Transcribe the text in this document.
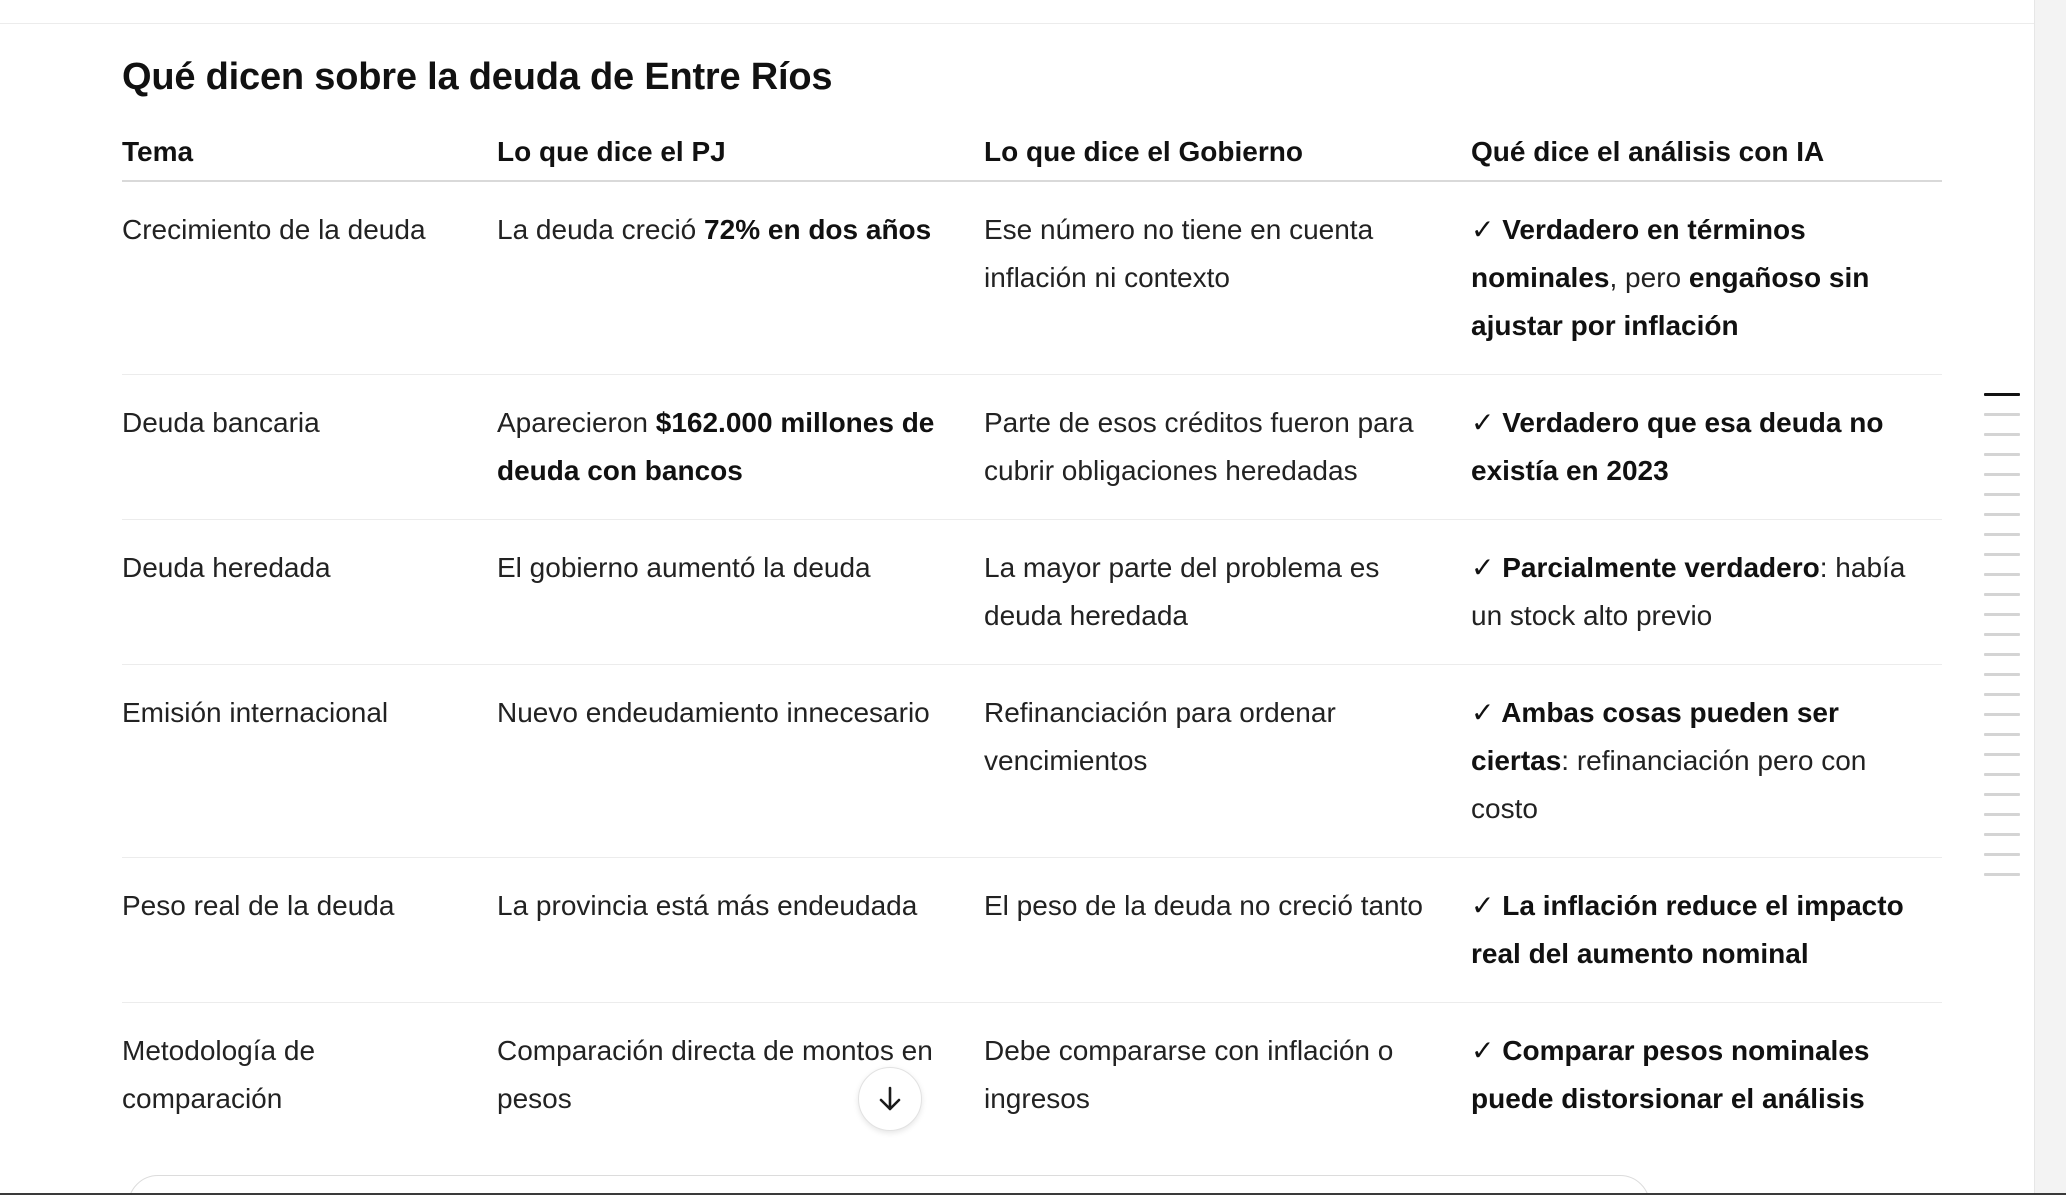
Qué dicen sobre la deuda de Entre Ríos
Tema	Lo que dice el PJ	Lo que dice el Gobierno	Qué dice el análisis con IA
Crecimiento de la deuda	La deuda creció 72% en dos años	Ese número no tiene en cuenta inflación ni contexto	✓ Verdadero en términos nominales, pero engañoso sin ajustar por inflación
Deuda bancaria	Aparecieron $162.000 millones de deuda con bancos	Parte de esos créditos fueron para cubrir obligaciones heredadas	✓ Verdadero que esa deuda no existía en 2023
Deuda heredada	El gobierno aumentó la deuda	La mayor parte del problema es deuda heredada	✓ Parcialmente verdadero: había un stock alto previo
Emisión internacional	Nuevo endeudamiento innecesario	Refinanciación para ordenar vencimientos	✓ Ambas cosas pueden ser ciertas: refinanciación pero con costo
Peso real de la deuda	La provincia está más endeudada	El peso de la deuda no creció tanto	✓ La inflación reduce el impacto real del aumento nominal
Metodología de comparación	Comparación directa de montos en pesos	Debe compararse con inflación o ingresos	✓ Comparar pesos nominales puede distorsionar el análisis
